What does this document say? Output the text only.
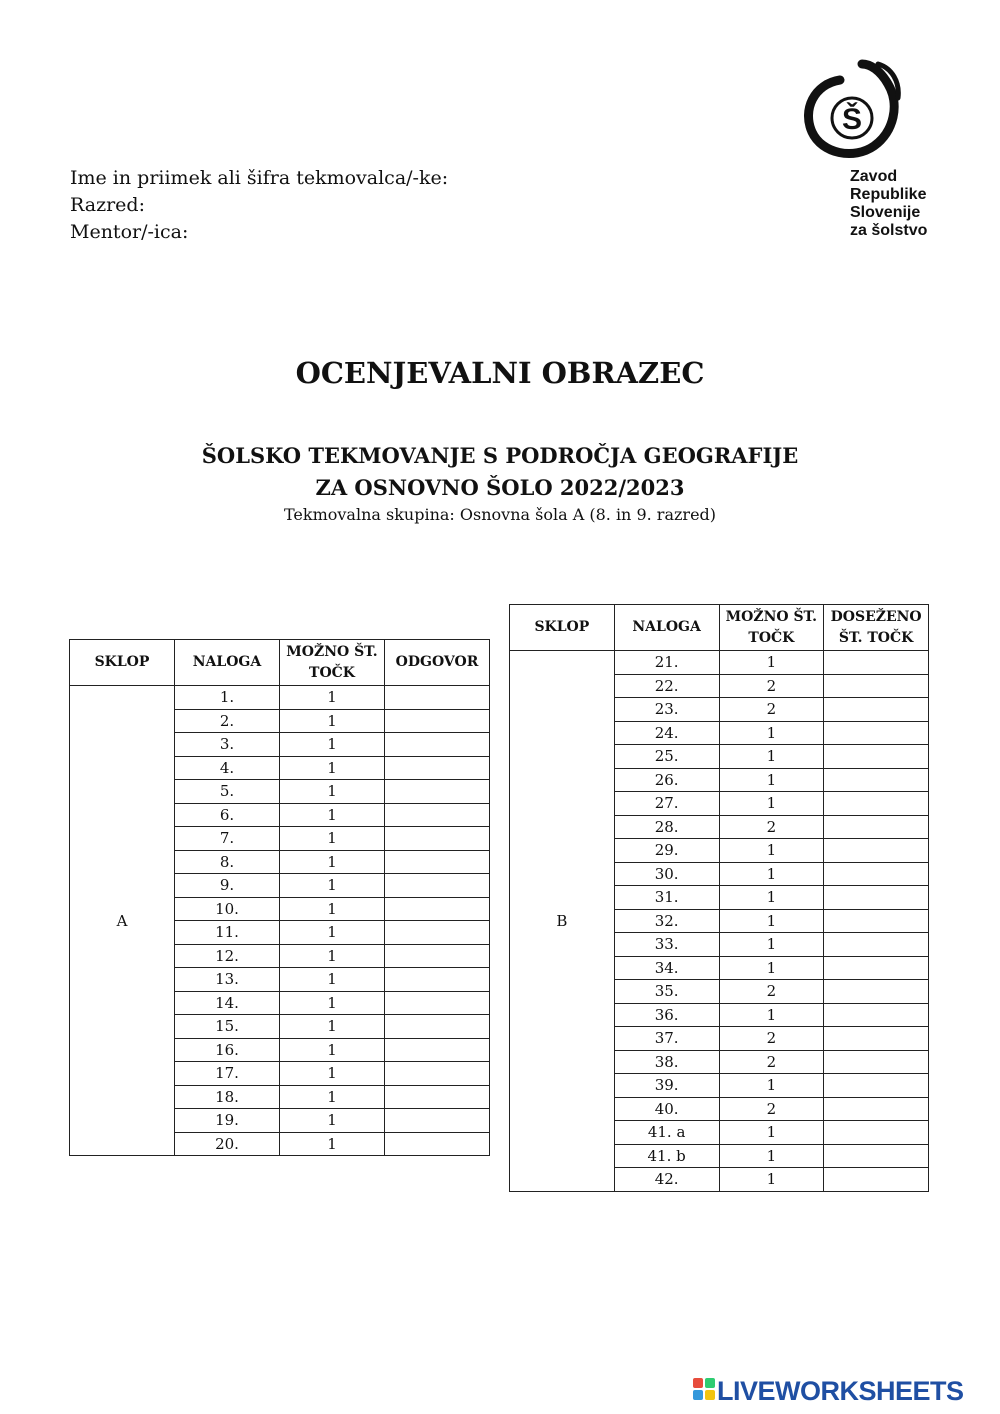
Ime in priimek ali šifra tekmovalca/-ke:
Razred:
Mentor/-ica:
Š
Zavod
Republike
Slovenije
za šolstvo
OCENJEVALNI OBRAZEC
ŠOLSKO TEKMOVANJE S PODROČJA GEOGRAFIJE
ZA OSNOVNO ŠOLO 2022/2023
Tekmovalna skupina: Osnovna šola A (8. in 9. razred)
SKLOP	NALOGA	MOŽNO ŠT. TOČK	ODGOVOR
A	1.	1	
	2.	1	
	3.	1	
	4.	1	
	5.	1	
	6.	1	
	7.	1	
	8.	1	
	9.	1	
	10.	1	
	11.	1	
	12.	1	
	13.	1	
	14.	1	
	15.	1	
	16.	1	
	17.	1	
	18.	1	
	19.	1	
	20.	1	
SKLOP	NALOGA	MOŽNO ŠT. TOČK	DOSEŽENO ŠT. TOČK
B	21.	1	
	22.	2	
	23.	2	
	24.	1	
	25.	1	
	26.	1	
	27.	1	
	28.	2	
	29.	1	
	30.	1	
	31.	1	
	32.	1	
	33.	1	
	34.	1	
	35.	2	
	36.	1	
	37.	2	
	38.	2	
	39.	1	
	40.	2	
	41. a	1	
	41. b	1	
	42.	1	
LIVEWORKSHEETS
